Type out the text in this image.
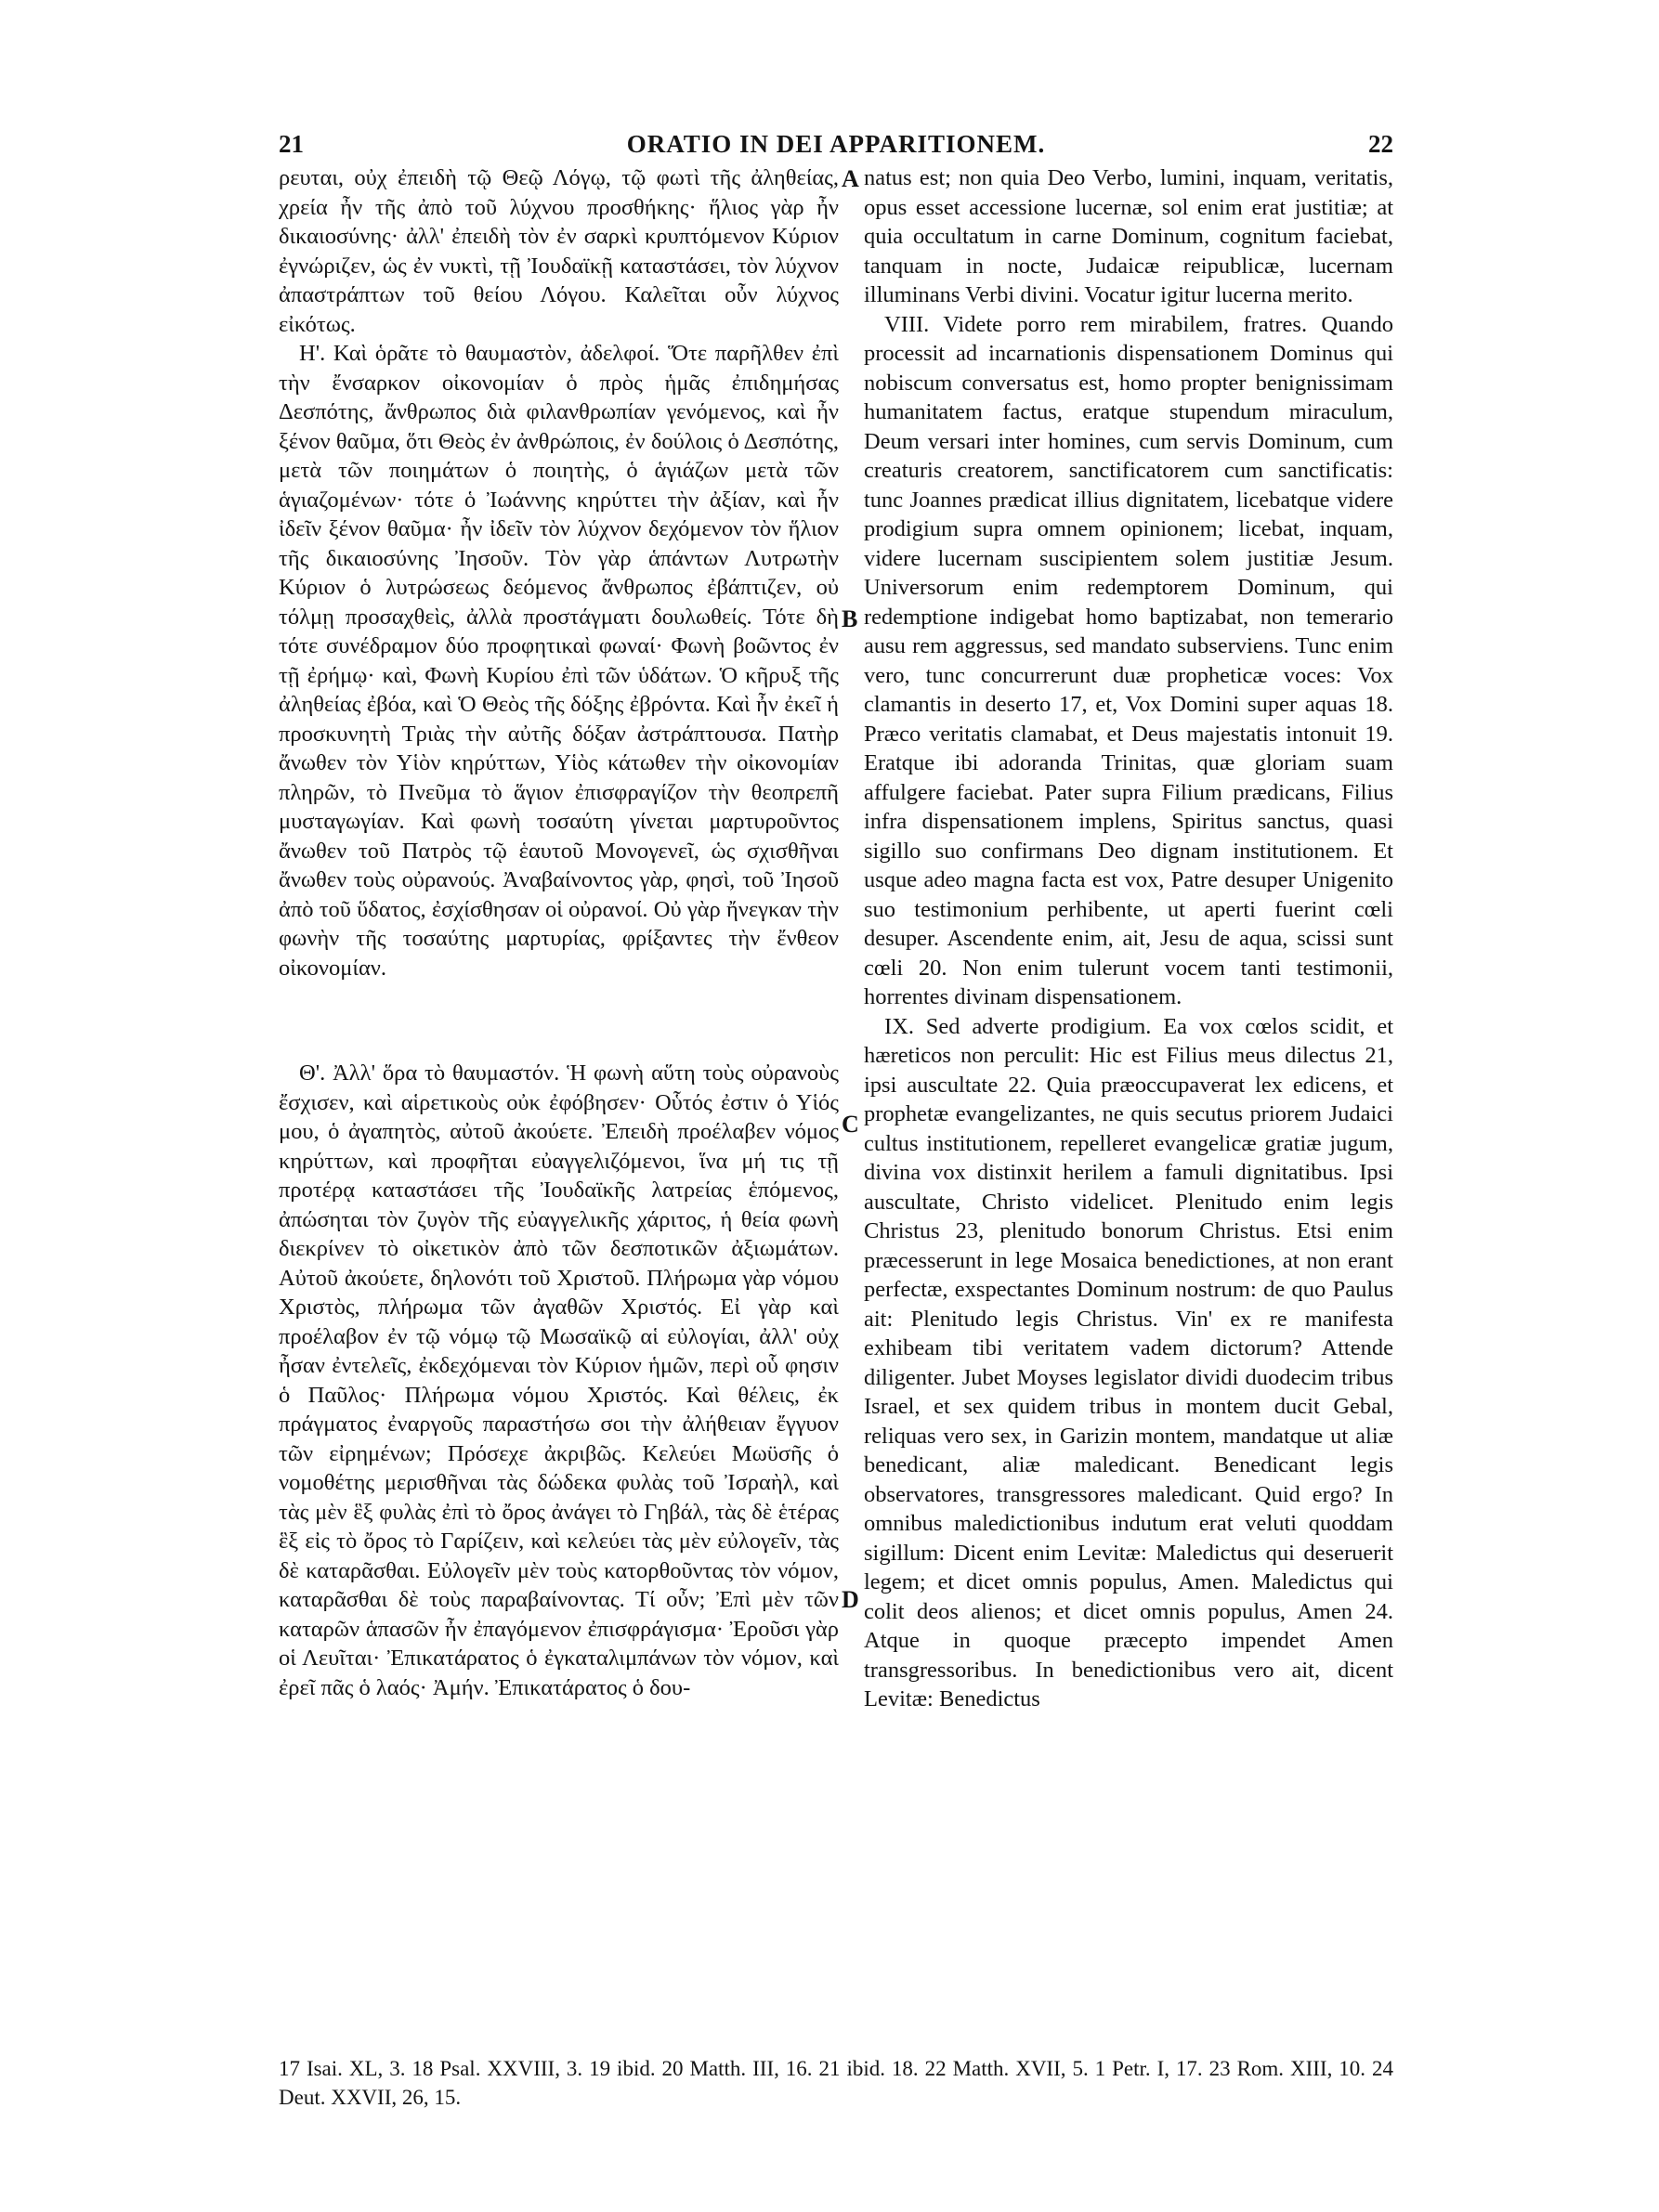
21	ORATIO IN DEI APPARITIONEM.	22
A
B
C
D

ρευται, οὐχ ἐπειδὴ τῷ Θεῷ Λόγῳ, τῷ φωτὶ τῆς ἀληθείας, χρεία ἦν τῆς ἀπὸ τοῦ λύχνου προσθήκης· ἥλιος γὰρ ἦν δικαιοσύνης· ἀλλ' ἐπειδὴ τὸν ἐν σαρκὶ κρυπτόμενον Κύριον ἐγνώριζεν, ὡς ἐν νυκτὶ, τῇ Ἰουδαϊκῇ καταστάσει, τὸν λύχνον ἀπαστράπτων τοῦ θείου Λόγου. Καλεῖται οὖν λύχνος εἰκότως.

Η'. Καὶ ὁρᾶτε τὸ θαυμαστὸν, ἀδελφοί. Ὅτε παρῆλθεν ἐπὶ τὴν ἔνσαρκον οἰκονομίαν ὁ πρὸς ἡμᾶς ἐπιδημήσας Δεσπότης, ἄνθρωπος διὰ φιλανθρωπίαν γενόμενος, καὶ ἦν ξένον θαῦμα, ὅτι Θεὸς ἐν ἀνθρώποις, ἐν δούλοις ὁ Δεσπότης, μετὰ τῶν ποιημάτων ὁ ποιητὴς, ὁ ἁγιάζων μετὰ τῶν ἁγιαζομένων· τότε ὁ Ἰωάννης κηρύττει τὴν ἀξίαν, καὶ ἦν ἰδεῖν ξένον θαῦμα· ἦν ἰδεῖν τὸν λύχνον δεχόμενον τὸν ἥλιον τῆς δικαιοσύνης Ἰησοῦν. Τὸν γὰρ ἁπάντων Λυτρωτὴν Κύριον ὁ λυτρώσεως δεόμενος ἄνθρωπος ἐβάπτιζεν, οὐ τόλμῃ προσαχθεὶς, ἀλλὰ προστάγματι δουλωθείς. Τότε δὴ τότε συνέδραμον δύο προφητικαὶ φωναί· Φωνὴ βοῶντος ἐν τῇ ἐρήμῳ· καὶ, Φωνὴ Κυρίου ἐπὶ τῶν ὑδάτων. Ὁ κῆρυξ τῆς ἀληθείας ἐβόα, καὶ Ὁ Θεὸς τῆς δόξης ἐβρόντα. Καὶ ἦν ἐκεῖ ἡ προσκυνητὴ Τριὰς τὴν αὐτῆς δόξαν ἀστράπτουσα. Πατὴρ ἄνωθεν τὸν Υἱὸν κηρύττων, Υἱὸς κάτωθεν τὴν οἰκονομίαν πληρῶν, τὸ Πνεῦμα τὸ ἅγιον ἐπισφραγίζον τὴν θεοπρεπῆ μυσταγωγίαν. Καὶ φωνὴ τοσαύτη γίνεται μαρτυροῦντος ἄνωθεν τοῦ Πατρὸς τῷ ἑαυτοῦ Μονογενεῖ, ὡς σχισθῆναι ἄνωθεν τοὺς οὐρανούς. Ἀναβαίνοντος γὰρ, φησὶ, τοῦ Ἰησοῦ ἀπὸ τοῦ ὕδατος, ἐσχίσθησαν οἱ οὐρανοί. Οὐ γὰρ ἤνεγκαν τὴν φωνὴν τῆς τοσαύτης μαρτυρίας, φρίξαντες τὴν ἔνθεον οἰκονομίαν.

Θ'. Ἀλλ' ὅρα τὸ θαυμαστόν. Ἡ φωνὴ αὕτη τοὺς οὐρανοὺς ἔσχισεν, καὶ αἱρετικοὺς οὐκ ἐφόβησεν· Οὗτός ἐστιν ὁ Υἱός μου, ὁ ἀγαπητὸς, αὐτοῦ ἀκούετε. Ἐπειδὴ προέλαβεν νόμος κηρύττων, καὶ προφῆται εὐαγγελιζόμενοι, ἵνα μή τις τῇ προτέρᾳ καταστάσει τῆς Ἰουδαϊκῆς λατρείας ἑπόμενος, ἀπώσηται τὸν ζυγὸν τῆς εὐαγγελικῆς χάριτος, ἡ θεία φωνὴ διεκρίνεν τὸ οἰκετικὸν ἀπὸ τῶν δεσποτικῶν ἀξιωμάτων. Αὐτοῦ ἀκούετε, δηλονότι τοῦ Χριστοῦ. Πλήρωμα γὰρ νόμου Χριστὸς, πλήρωμα τῶν ἀγαθῶν Χριστός. Εἰ γὰρ καὶ προέλαβον ἐν τῷ νόμῳ τῷ Μωσαϊκῷ αἱ εὐλογίαι, ἀλλ' οὐχ ἦσαν ἐντελεῖς, ἐκδεχόμεναι τὸν Κύριον ἡμῶν, περὶ οὗ φησιν ὁ Παῦλος· Πλήρωμα νόμου Χριστός. Καὶ θέλεις, ἐκ πράγματος ἐναργοῦς παραστήσω σοι τὴν ἀλήθειαν ἔγγυον τῶν εἰρημένων; Πρόσεχε ἀκριβῶς. Κελεύει Μωϋσῆς ὁ νομοθέτης μερισθῆναι τὰς δώδεκα φυλὰς τοῦ Ἰσραὴλ, καὶ τὰς μὲν ἓξ φυλὰς ἐπὶ τὸ ὄρος ἀνάγει τὸ Γηβάλ, τὰς δὲ ἑτέρας ἓξ εἰς τὸ ὄρος τὸ Γαρίζειν, καὶ κελεύει τὰς μὲν εὐλογεῖν, τὰς δὲ καταρᾶσθαι. Εὐλογεῖν μὲν τοὺς κατορθοῦντας τὸν νόμον, καταρᾶσθαι δὲ τοὺς παραβαίνοντας. Τί οὖν; Ἐπὶ μὲν τῶν καταρῶν ἁπασῶν ἦν ἐπαγόμενον ἐπισφράγισμα· Ἐροῦσι γὰρ οἱ Λευῖται· Ἐπικατάρατος ὁ ἐγκαταλιμπάνων τὸν νόμον, καὶ ἐρεῖ πᾶς ὁ λαός· Ἀμήν. Ἐπικατάρατος ὁ δου-

natus est; non quia Deo Verbo, lumini, inquam, veritatis, opus esset accessione lucernæ, sol enim erat justitiæ; at quia occultatum in carne Dominum, cognitum faciebat, tanquam in nocte, Judaicæ reipublicæ, lucernam illuminans Verbi divini. Vocatur igitur lucerna merito.

VIII. Videte porro rem mirabilem, fratres. Quando processit ad incarnationis dispensationem Dominus qui nobiscum conversatus est, homo propter benignissimam humanitatem factus, eratque stupendum miraculum, Deum versari inter homines, cum servis Dominum, cum creaturis creatorem, sanctificatorem cum sanctificatis: tunc Joannes prædicat illius dignitatem, licebatque videre prodigium supra omnem opinionem; licebat, inquam, videre lucernam suscipientem solem justitiæ Jesum. Universorum enim redemptorem Dominum, qui redemptione indigebat homo baptizabat, non temerario ausu rem aggressus, sed mandato subserviens. Tunc enim vero, tunc concurrerunt duæ propheticæ voces: Vox clamantis in deserto 17, et, Vox Domini super aquas 18. Præco veritatis clamabat, et Deus majestatis intonuit 19. Eratque ibi adoranda Trinitas, quæ gloriam suam affulgere faciebat. Pater supra Filium prædicans, Filius infra dispensationem implens, Spiritus sanctus, quasi sigillo suo confirmans Deo dignam institutionem. Et usque adeo magna facta est vox, Patre desuper Unigenito suo testimonium perhibente, ut aperti fuerint cœli desuper. Ascendente enim, ait, Jesu de aqua, scissi sunt cœli 20. Non enim tulerunt vocem tanti testimonii, horrentes divinam dispensationem.

IX. Sed adverte prodigium. Ea vox cœlos scidit, et hæreticos non perculit: Hic est Filius meus dilectus 21, ipsi auscultate 22. Quia præoccupaverat lex edicens, et prophetæ evangelizantes, ne quis secutus priorem Judaici cultus institutionem, repelleret evangelicæ gratiæ jugum, divina vox distinxit herilem a famuli dignitatibus. Ipsi auscultate, Christo videlicet. Plenitudo enim legis Christus 23, plenitudo bonorum Christus. Etsi enim præcesserunt in lege Mosaica benedictiones, at non erant perfectæ, exspectantes Dominum nostrum: de quo Paulus ait: Plenitudo legis Christus. Vin' ex re manifesta exhibeam tibi veritatem vadem dictorum? Attende diligenter. Jubet Moyses legislator dividi duodecim tribus Israel, et sex quidem tribus in montem ducit Gebal, reliquas vero sex, in Garizin montem, mandatque ut aliæ benedicant, aliæ maledicant. Benedicant legis observatores, transgressores maledicant. Quid ergo? In omnibus maledictionibus indutum erat veluti quoddam sigillum: Dicent enim Levitæ: Maledictus qui deseruerit legem; et dicet omnis populus, Amen. Maledictus qui colit deos alienos; et dicet omnis populus, Amen 24. Atque in quoque præcepto impendet Amen transgressoribus. In benedictionibus vero ait, dicent Levitæ: Benedictus

17 Isai. XL, 3. 18 Psal. XXVIII, 3. 19 ibid. 20 Matth. III, 16. 21 ibid. 18. 22 Matth. XVII, 5. 1 Petr. I, 17. 23 Rom. XIII, 10. 24 Deut. XXVII, 26, 15.
